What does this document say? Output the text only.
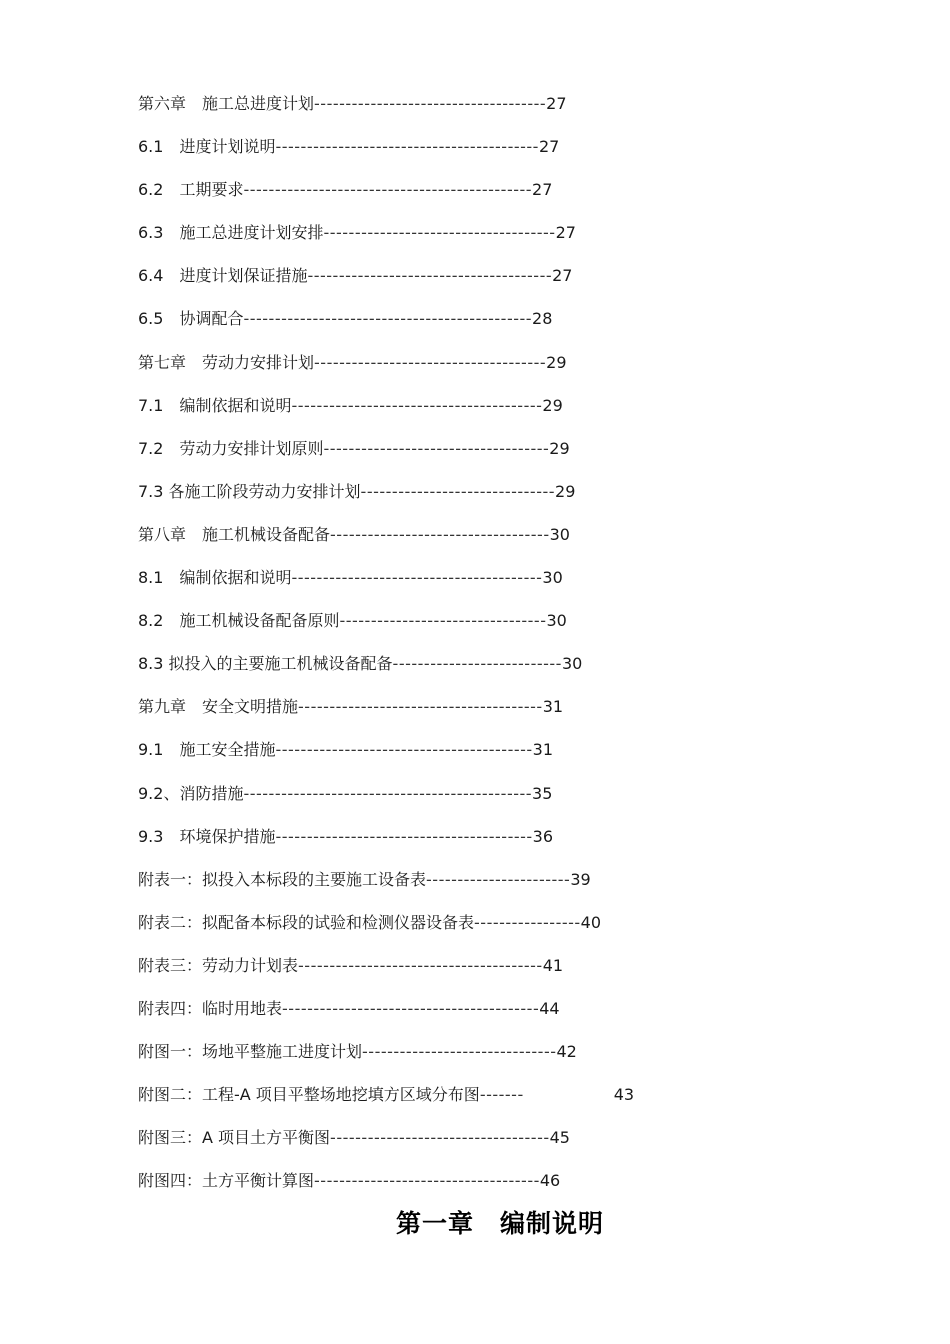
第六章　施工总进度计划 ------------------------------------- 27
6.1　进度计划说明 ------------------------------------------ 27
6.2　工期要求 ---------------------------------------------- 27
6.3　施工总进度计划安排 ------------------------------------- 27
6.4　进度计划保证措施 --------------------------------------- 27
6.5　协调配合 ---------------------------------------------- 28
第七章　劳动力安排计划 ------------------------------------- 29
7.1　编制依据和说明 ---------------------------------------- 29
7.2　劳动力安排计划原则 ------------------------------------ 29
7.3 各施工阶段劳动力安排计划 ------------------------------- 29
第八章　施工机械设备配备 ----------------------------------- 30
8.1　编制依据和说明 ---------------------------------------- 30
8.2　施工机械设备配备原则 --------------------------------- 30
8.3 拟投入的主要施工机械设备配备 --------------------------- 30
第九章　安全文明措施 --------------------------------------- 31
9.1　施工安全措施 ----------------------------------------- 31
9.2、消防措施 ---------------------------------------------- 35
9.3　环境保护措施 ----------------------------------------- 36
附表一：拟投入本标段的主要施工设备表 ----------------------- 39
附表二：拟配备本标段的试验和检测仪器设备表 ----------------- 40
附表三：劳动力计划表 --------------------------------------- 41
附表四：临时用地表 ----------------------------------------- 44
附图一：场地平整施工进度计划 ------------------------------- 42
附图二：工程-A 项目平整场地挖填方区域分布图 -------	43
附图三：A 项目土方平衡图 ----------------------------------- 45
附图四：土方平衡计算图 ------------------------------------ 46
第一章　编制说明
